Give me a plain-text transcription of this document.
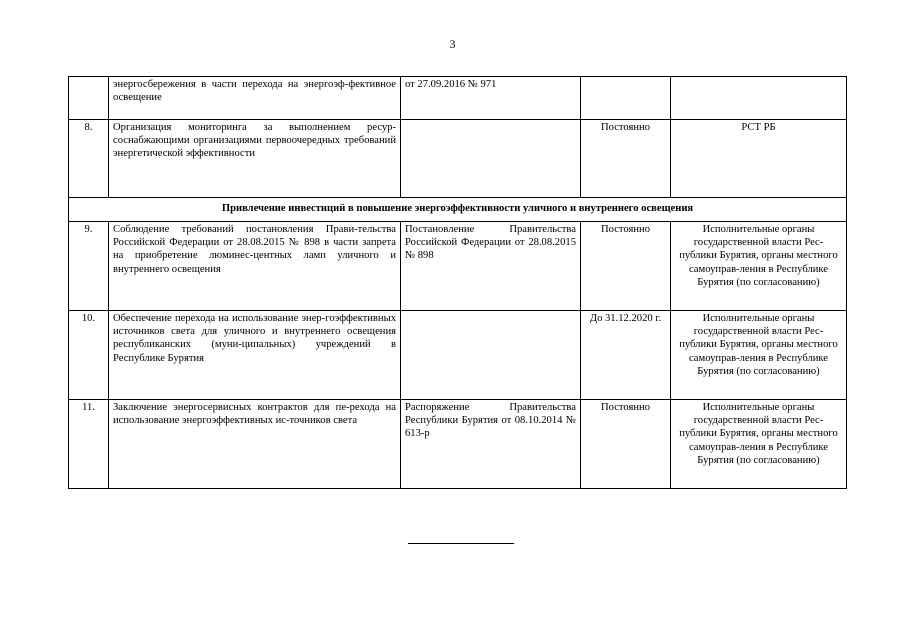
3
	энергосбережения в части перехода на энергоэф-фективное освещение	от 27.09.2016 № 971		
8.	Организация мониторинга за выполнением ресур-соснабжающими организациями первоочередных требований энергетической эффективности		Постоянно	РСТ РБ
Привлечение инвестиций в повышение энергоэффективности уличного и внутреннего освещения				
9.	Соблюдение требований постановления Прави-тельства Российской Федерации от 28.08.2015 № 898 в части запрета на приобретение люминес-центных ламп уличного и внутреннего освещения	Постановление Правительства Российской Федерации от 28.08.2015 № 898	Постоянно	Исполнительные органы государственной власти Рес-публики Бурятия, органы местного самоуправ-ления в Республике Бурятия (по согласованию)
10.	Обеспечение перехода на использование энер-гоэффективных источников света для уличного и внутреннего освещения республиканских (муни-ципальных) учреждений в Республике Бурятия		До 31.12.2020 г.	Исполнительные органы государственной власти Рес-публики Бурятия, органы местного самоуправ-ления в Республике Бурятия (по согласованию)
11.	Заключение энергосервисных контрактов для пе-рехода на использование энергоэффективных ис-точников света	Распоряжение Правительства Республики Бурятия от 08.10.2014 № 613-р	Постоянно	Исполнительные органы государственной власти Рес-публики Бурятия, органы местного самоуправ-ления в Республике Бурятия (по согласованию)
